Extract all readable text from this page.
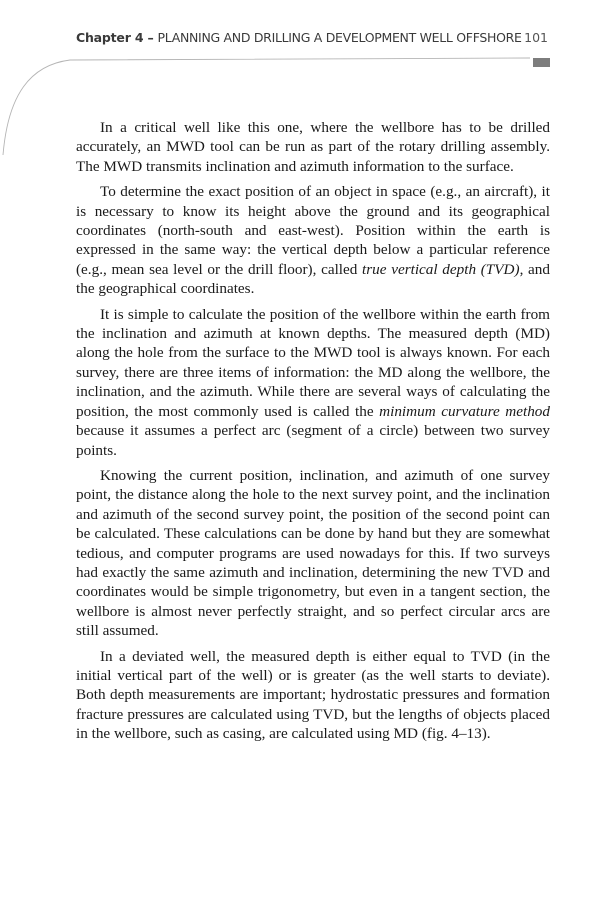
Chapter 4 – PLANNING AND DRILLING A DEVELOPMENT WELL OFFSHORE 101

In a critical well like this one, where the wellbore has to be drilled accurately, an MWD tool can be run as part of the rotary drilling assembly. The MWD transmits inclination and azimuth information to the surface.

To determine the exact position of an object in space (e.g., an aircraft), it is necessary to know its height above the ground and its geographical coordinates (north-south and east-west). Position within the earth is expressed in the same way: the vertical depth below a particular reference (e.g., mean sea level or the drill floor), called true vertical depth (TVD), and the geographical coordinates.

It is simple to calculate the position of the wellbore within the earth from the inclination and azimuth at known depths. The measured depth (MD) along the hole from the surface to the MWD tool is always known. For each survey, there are three items of information: the MD along the wellbore, the inclination, and the azimuth. While there are several ways of calculating the position, the most commonly used is called the minimum curvature method because it assumes a perfect arc (segment of a circle) between two survey points.

Knowing the current position, inclination, and azimuth of one survey point, the distance along the hole to the next survey point, and the inclination and azimuth of the second survey point, the position of the second point can be calculated. These calculations can be done by hand but they are somewhat tedious, and computer programs are used nowadays for this. If two surveys had exactly the same azimuth and inclination, determining the new TVD and coordinates would be simple trigonometry, but even in a tangent section, the wellbore is almost never perfectly straight, and so perfect circular arcs are still assumed.

In a deviated well, the measured depth is either equal to TVD (in the initial vertical part of the well) or is greater (as the well starts to deviate). Both depth measurements are important; hydrostatic pressures and formation fracture pressures are calculated using TVD, but the lengths of objects placed in the wellbore, such as casing, are calculated using MD (fig. 4–13).
